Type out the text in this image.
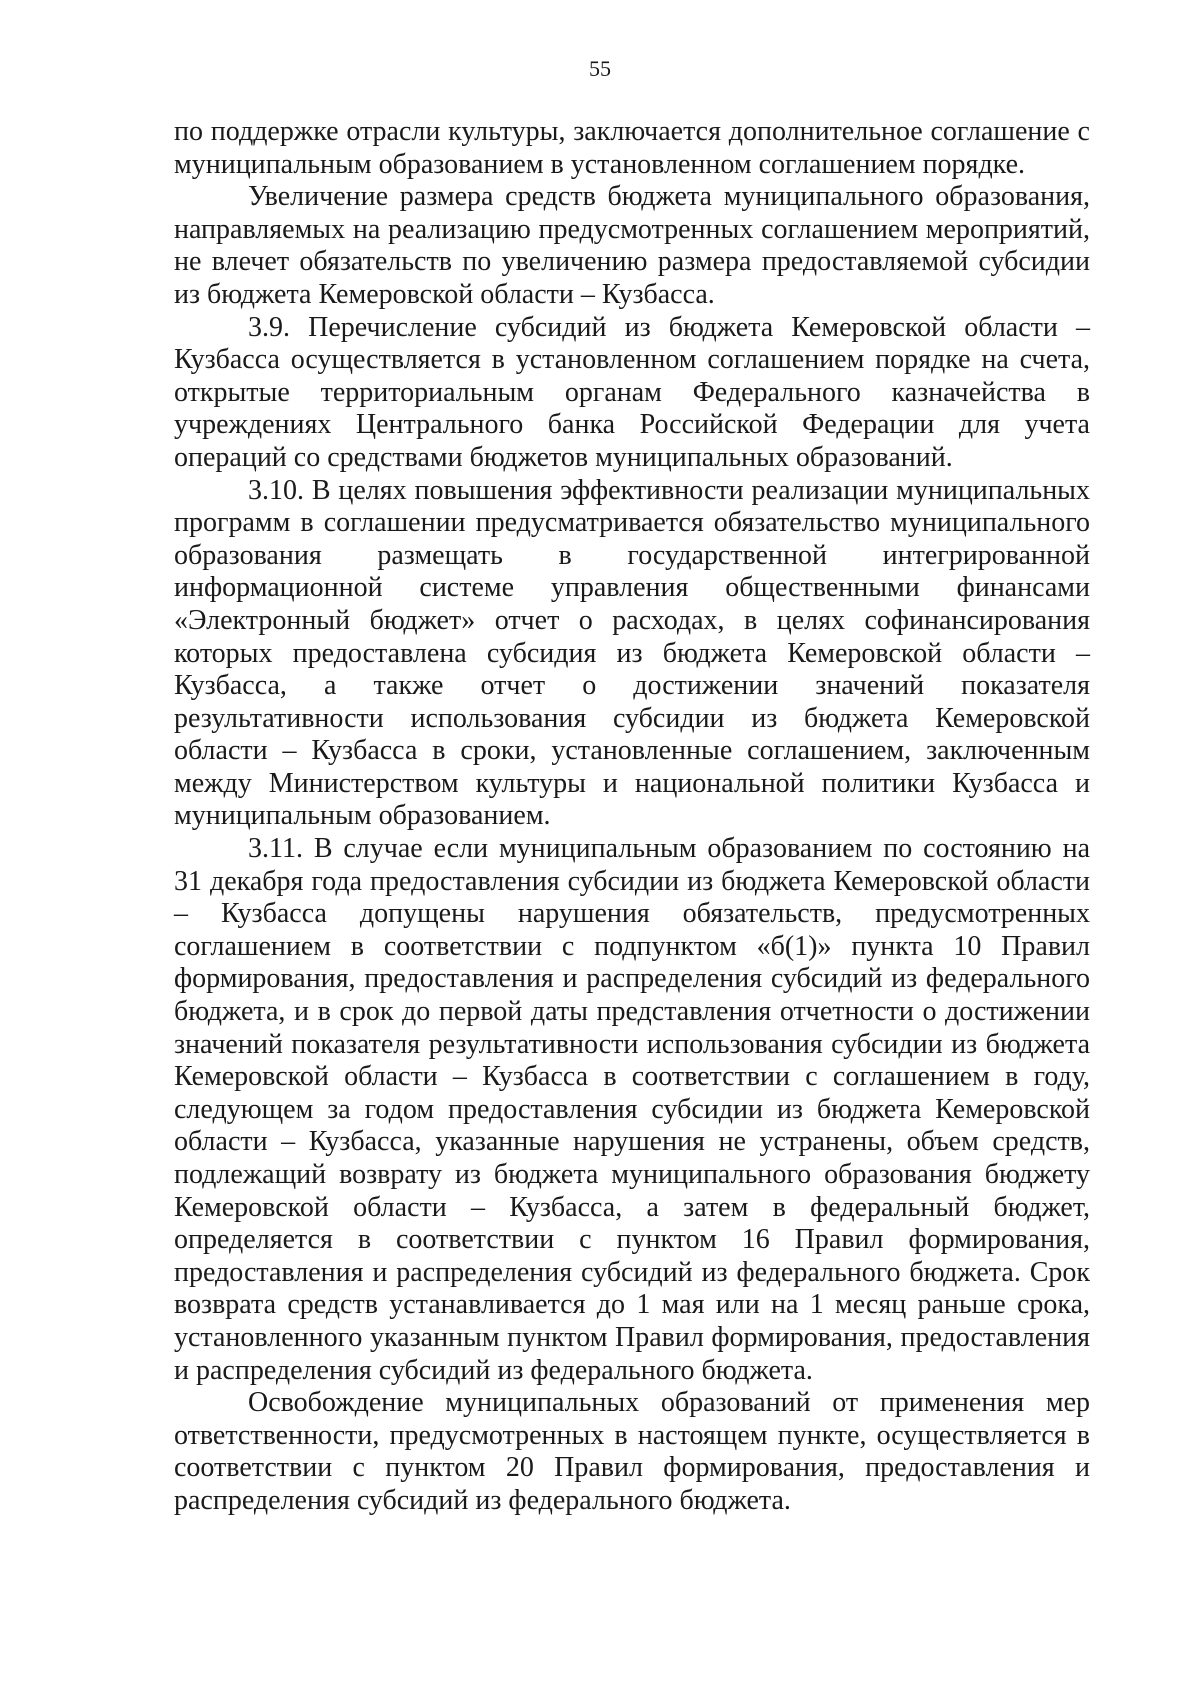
55

по поддержке отрасли культуры, заключается дополнительное соглашение с муниципальным образованием в установленном соглашением порядке.

Увеличение размера средств бюджета муниципального образования, направляемых на реализацию предусмотренных соглашением мероприятий, не влечет обязательств по увеличению размера предоставляемой субсидии из бюджета Кемеровской области – Кузбасса.

3.9. Перечисление субсидий из бюджета Кемеровской области – Кузбасса осуществляется в установленном соглашением порядке на счета, открытые территориальным органам Федерального казначейства в учреждениях Центрального банка Российской Федерации для учета операций со средствами бюджетов муниципальных образований.

3.10. В целях повышения эффективности реализации муниципальных программ в соглашении предусматривается обязательство муниципального образования размещать в государственной интегрированной информационной системе управления общественными финансами «Электронный бюджет» отчет о расходах, в целях софинансирования которых предоставлена субсидия из бюджета Кемеровской области – Кузбасса, а также отчет о достижении значений показателя результативности использования субсидии из бюджета Кемеровской области – Кузбасса в сроки, установленные соглашением, заключенным между Министерством культуры и национальной политики Кузбасса и муниципальным образованием.

3.11. В случае если муниципальным образованием по состоянию на 31 декабря года предоставления субсидии из бюджета Кемеровской области – Кузбасса допущены нарушения обязательств, предусмотренных соглашением в соответствии с подпунктом «б(1)» пункта 10 Правил формирования, предоставления и распределения субсидий из федерального бюджета, и в срок до первой даты представления отчетности о достижении значений показателя результативности использования субсидии из бюджета Кемеровской области – Кузбасса в соответствии с соглашением в году, следующем за годом предоставления субсидии из бюджета Кемеровской области – Кузбасса, указанные нарушения не устранены, объем средств, подлежащий возврату из бюджета муниципального образования бюджету Кемеровской области – Кузбасса, а затем в федеральный бюджет, определяется в соответствии с пунктом 16 Правил формирования, предоставления и распределения субсидий из федерального бюджета. Срок возврата средств устанавливается до 1 мая или на 1 месяц раньше срока, установленного указанным пунктом Правил формирования, предоставления и распределения субсидий из федерального бюджета.

Освобождение муниципальных образований от применения мер ответственности, предусмотренных в настоящем пункте, осуществляется в соответствии с пунктом 20 Правил формирования, предоставления и распределения субсидий из федерального бюджета.
